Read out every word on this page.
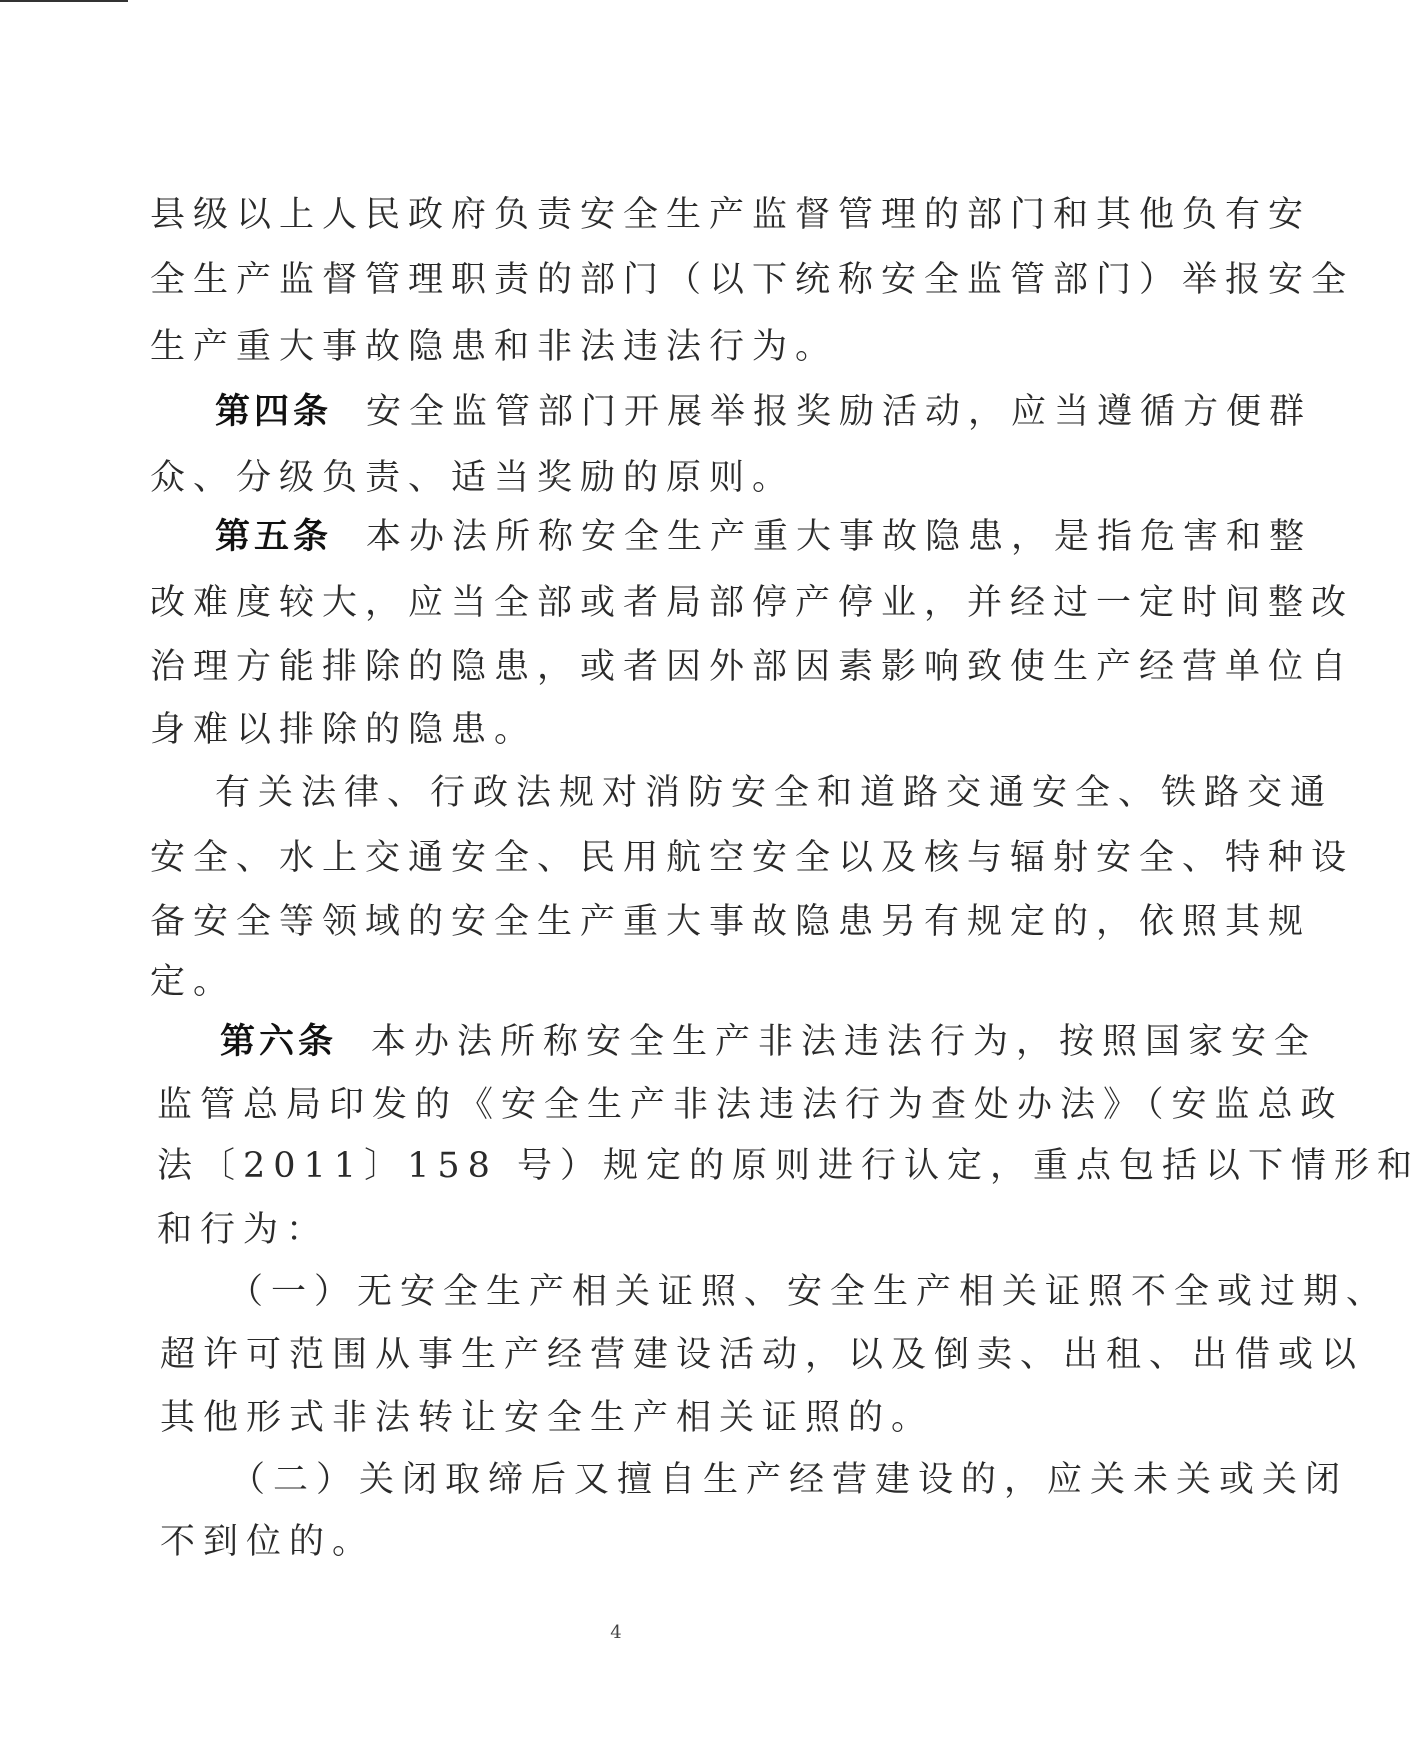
县级以上人民政府负责安全生产监督管理的部门和其他负有安
全生产监督管理职责的部门（以下统称安全监管部门）举报安全
生产重大事故隐患和非法违法行为。
第四条 安全监管部门开展举报奖励活动，应当遵循方便群
众、分级负责、适当奖励的原则。
第五条 本办法所称安全生产重大事故隐患，是指危害和整
改难度较大，应当全部或者局部停产停业，并经过一定时间整改
治理方能排除的隐患，或者因外部因素影响致使生产经营单位自
身难以排除的隐患。
有关法律、行政法规对消防安全和道路交通安全、铁路交通
安全、水上交通安全、民用航空安全以及核与辐射安全、特种设
备安全等领域的安全生产重大事故隐患另有规定的，依照其规
定。
第六条 本办法所称安全生产非法违法行为，按照国家安全
监管总局印发的《安全生产非法违法行为查处办法》（安监总政
法〔2011〕158 号）规定的原则进行认定，重点包括以下情形和
和行为：
（一）无安全生产相关证照、安全生产相关证照不全或过期、
超许可范围从事生产经营建设活动，以及倒卖、出租、出借或以
其他形式非法转让安全生产相关证照的。
（二）关闭取缔后又擅自生产经营建设的，应关未关或关闭
不到位的。
4
